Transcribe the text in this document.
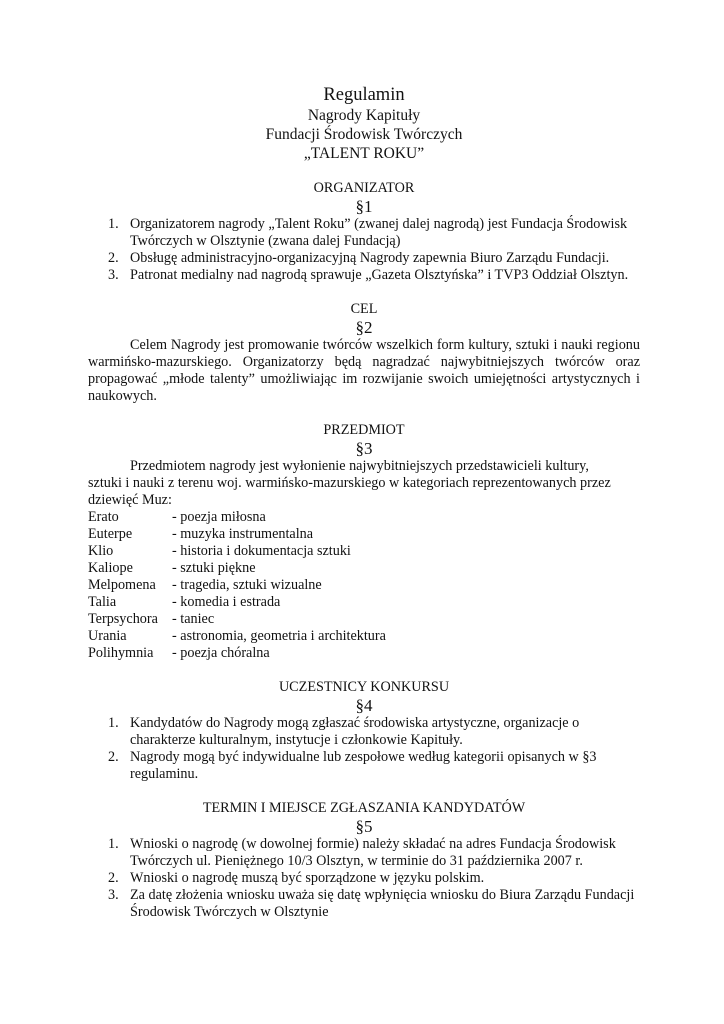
Regulamin
Nagrody Kapituły
Fundacji Środowisk Twórczych
„TALENT ROKU”
ORGANIZATOR
§1
1. Organizatorem nagrody „Talent Roku” (zwanej dalej nagrodą) jest Fundacja Środowisk Twórczych w Olsztynie (zwana dalej Fundacją)
2. Obsługę administracyjno-organizacyjną Nagrody zapewnia Biuro Zarządu Fundacji.
3. Patronat medialny nad nagrodą sprawuje „Gazeta Olsztyńska” i TVP3 Oddział Olsztyn.
CEL
§2
Celem Nagrody jest promowanie twórców wszelkich form kultury, sztuki i nauki regionu warmińsko-mazurskiego. Organizatorzy będą nagradzać najwybitniejszych twórców oraz propagować „młode talenty” umożliwiając im rozwijanie swoich umiejętności artystycznych i naukowych.
PRZEDMIOT
§3
Przedmiotem nagrody jest wyłonienie najwybitniejszych przedstawicieli kultury,
sztuki i nauki z terenu woj. warmińsko-mazurskiego w kategoriach reprezentowanych przez
dziewięć Muz:
Erato	- poezja miłosna
Euterpe	- muzyka instrumentalna
Klio	- historia i dokumentacja sztuki
Kaliope	- sztuki piękne
Melpomena	- tragedia, sztuki wizualne
Talia	- komedia i estrada
Terpsychora	- taniec
Urania	- astronomia, geometria i architektura
Polihymnia	- poezja chóralna
UCZESTNICY KONKURSU
§4
1. Kandydatów do Nagrody mogą zgłaszać środowiska artystyczne, organizacje o charakterze kulturalnym, instytucje i członkowie Kapituły.
2. Nagrody mogą być indywidualne lub zespołowe według kategorii opisanych w §3 regulaminu.
TERMIN I MIEJSCE ZGŁASZANIA KANDYDATÓW
§5
1. Wnioski o nagrodę (w dowolnej formie) należy składać na adres Fundacja Środowisk Twórczych ul. Pieniężnego 10/3 Olsztyn, w terminie do 31 października 2007 r.
2. Wnioski o nagrodę muszą być sporządzone w języku polskim.
3. Za datę złożenia wniosku uważa się datę wpłynięcia wniosku do Biura Zarządu Fundacji Środowisk Twórczych w Olsztynie
